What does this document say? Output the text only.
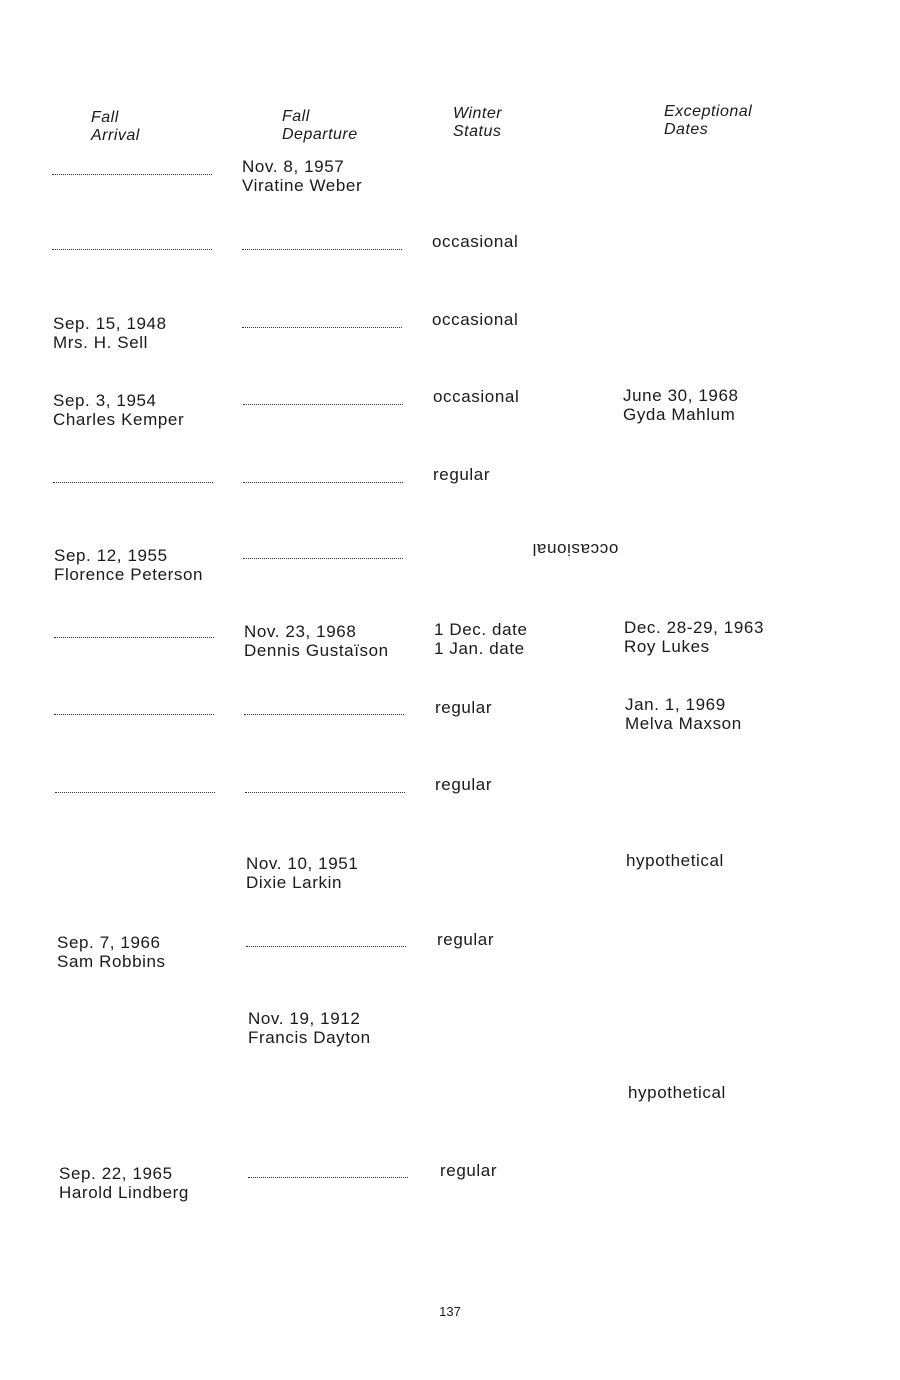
Fall
Arrival
Fall
Departure
Winter
Status
Exceptional
Dates
Nov. 8, 1957
Viratine Weber
occasional
Sep. 15, 1948
Mrs. H. Sell
occasional
Sep. 3, 1954
Charles Kemper
occasional	June 30, 1968
Gyda Mahlum
regular
Sep. 12, 1955
Florence Peterson
occasional
Nov. 23, 1968
Dennis Gustaïson
1 Dec. date
1 Jan. date
Dec. 28-29, 1963
Roy Lukes
regular	Jan. 1, 1969
Melva Maxson
regular
Nov. 10, 1951
Dixie Larkin
hypothetical
Sep. 7, 1966
Sam Robbins
regular
Nov. 19, 1912
Francis Dayton
hypothetical
Sep. 22, 1965
Harold Lindberg
regular
137
